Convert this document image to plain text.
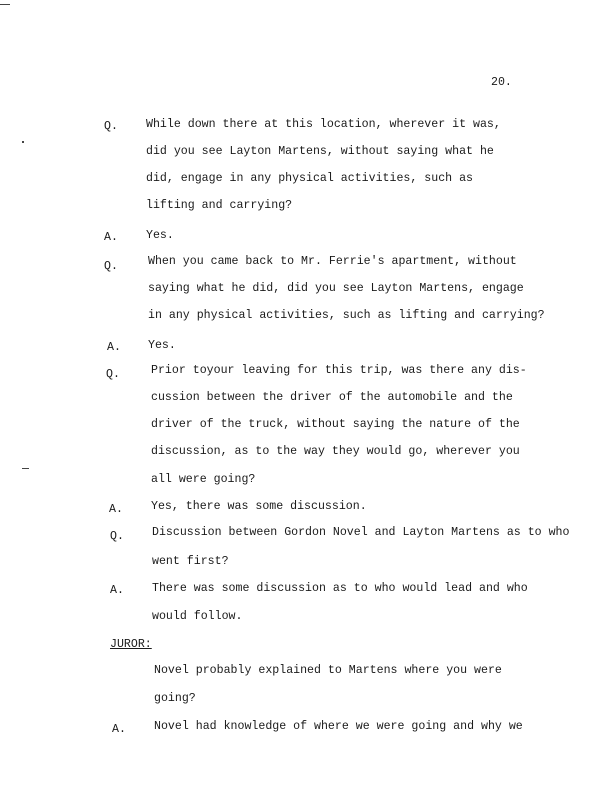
20.
Q. While down there at this location, wherever it was,
did you see Layton Martens, without saying what he
did, engage in any physical activities, such as
lifting and carrying?
A. Yes.
Q.	When you came back to Mr. Ferrie's apartment, without
saying what he did, did you see Layton Martens, engage
in any physical activities, such as lifting and carrying?
A. Yes.
Q.	Prior toyour leaving for this trip, was there any dis-
cussion between the driver of the automobile and the
driver of the truck, without saying the nature of the
discussion, as to the way they would go, wherever you
all were going?
A. Yes, there was some discussion.
Q. Discussion between Gordon Novel and Layton Martens as to who
went first?
A. There was some discussion as to who would lead and who
would follow.
JUROR:
Novel probably explained to Martens where you were
going?
A. Novel had knowledge of where we were going and why we
